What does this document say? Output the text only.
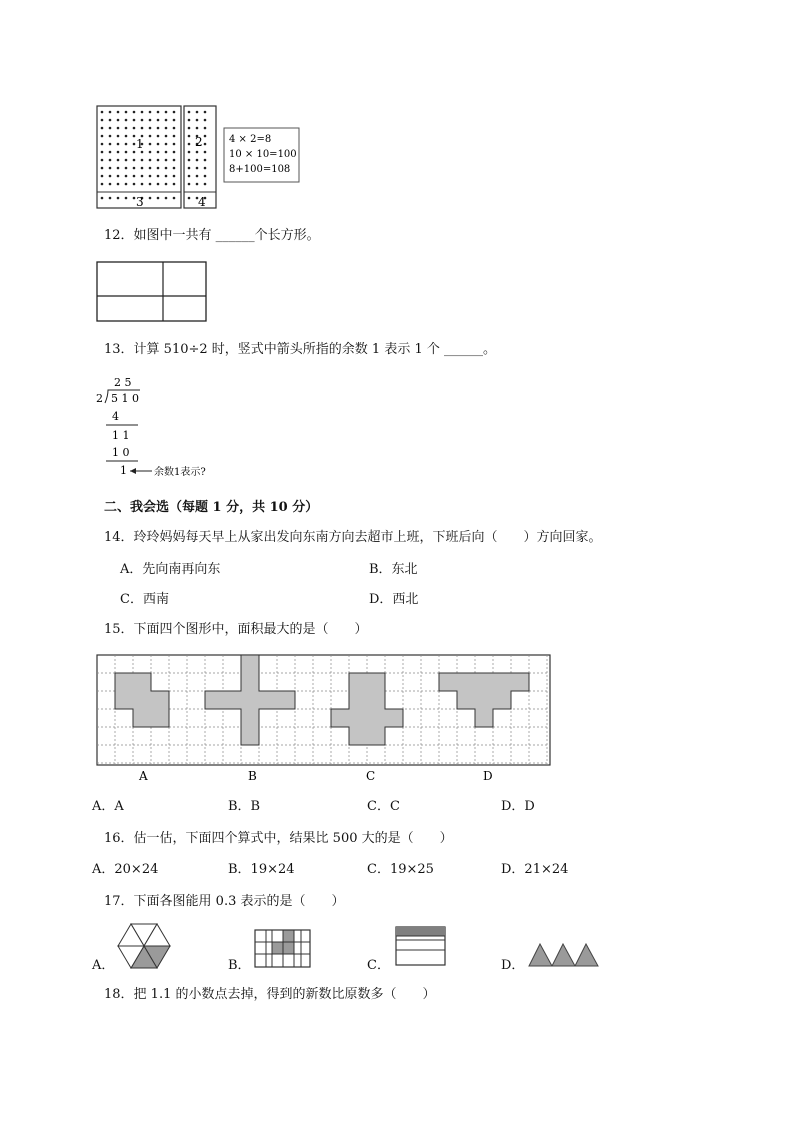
1	2
3	4
4 × 2=8
10 × 10=100
8+100=108
12．如图中一共有 ______个长方形。
13．计算 510÷2 时，竖式中箭头所指的余数 1 表示 1 个 ______。
2 5
2 5 1 0
4
1 1
1 0
1	余数1表示?
二、我会选（每题 1 分，共 10 分）
14．玲玲妈妈每天早上从家出发向东南方向去超市上班，下班后向（　　）方向回家。
A．先向南再向东	B．东北
C．西南	D．西北
15．下面四个图形中，面积最大的是（　　）
A	B	C	D
A．A	B．B	C．C	D．D
16．估一估，下面四个算式中，结果比 500 大的是（　　）
A．20×24	B．19×24	C．19×25	D．21×24
17．下面各图能用 0.3 表示的是（　　）
A．	B．	C．	D．
18．把 1.1 的小数点去掉，得到的新数比原数多（　　）
